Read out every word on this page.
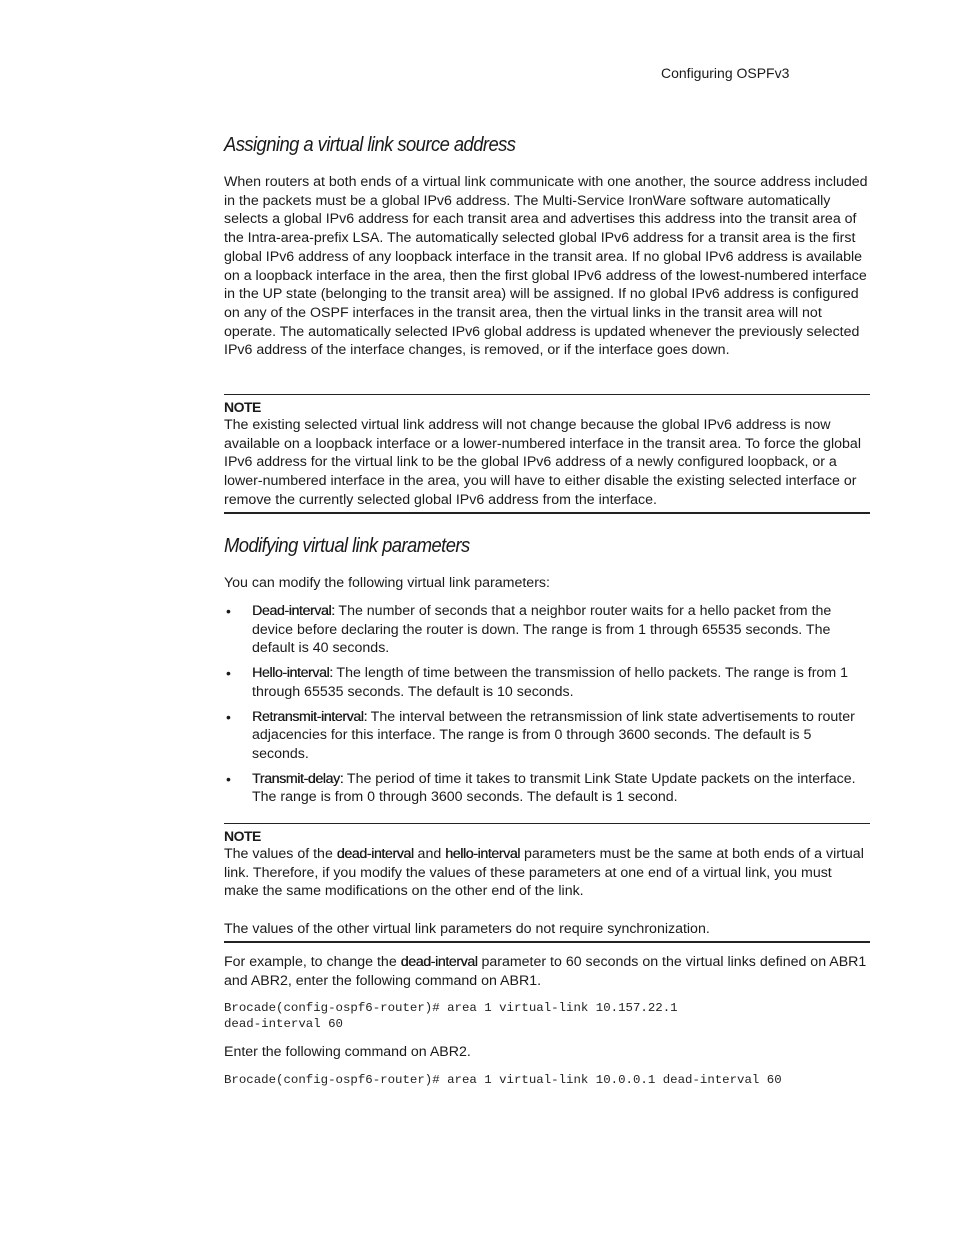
Configuring OSPFv3
Assigning a virtual link source address

When routers at both ends of a virtual link communicate with one another, the source address included in the packets must be a global IPv6 address. The Multi-Service IronWare software automatically selects a global IPv6 address for each transit area and advertises this address into the transit area of the Intra-area-prefix LSA. The automatically selected global IPv6 address for a transit area is the first global IPv6 address of any loopback interface in the transit area. If no global IPv6 address is available on a loopback interface in the area, then the first global IPv6 address of the lowest-numbered interface in the UP state (belonging to the transit area) will be assigned. If no global IPv6 address is configured on any of the OSPF interfaces in the transit area, then the virtual links in the transit area will not operate. The automatically selected IPv6 global address is updated whenever the previously selected IPv6 address of the interface changes, is removed, or if the interface goes down.

NOTE

The existing selected virtual link address will not change because the global IPv6 address is now available on a loopback interface or a lower-numbered interface in the transit area. To force the global IPv6 address for the virtual link to be the global IPv6 address of a newly configured loopback, or a lower-numbered interface in the area, you will have to either disable the existing selected interface or remove the currently selected global IPv6 address from the interface.

Modifying virtual link parameters

You can modify the following virtual link parameters:

• Dead-interval: The number of seconds that a neighbor router waits for a hello packet from the device before declaring the router is down. The range is from 1 through 65535 seconds. The default is 40 seconds.
• Hello-interval: The length of time between the transmission of hello packets. The range is from 1 through 65535 seconds. The default is 10 seconds.
• Retransmit-interval: The interval between the retransmission of link state advertisements to router adjacencies for this interface. The range is from 0 through 3600 seconds. The default is 5 seconds.
• Transmit-delay: The period of time it takes to transmit Link State Update packets on the interface. The range is from 0 through 3600 seconds. The default is 1 second.
NOTE

The values of the dead-interval and hello-interval parameters must be the same at both ends of a virtual link. Therefore, if you modify the values of these parameters at one end of a virtual link, you must make the same modifications on the other end of the link.

The values of the other virtual link parameters do not require synchronization.

For example, to change the dead-interval parameter to 60 seconds on the virtual links defined on ABR1 and ABR2, enter the following command on ABR1.

Brocade(config-ospf6-router)# area 1 virtual-link 10.157.22.1
dead-interval 60

Enter the following command on ABR2.

Brocade(config-ospf6-router)# area 1 virtual-link 10.0.0.1 dead-interval 60
